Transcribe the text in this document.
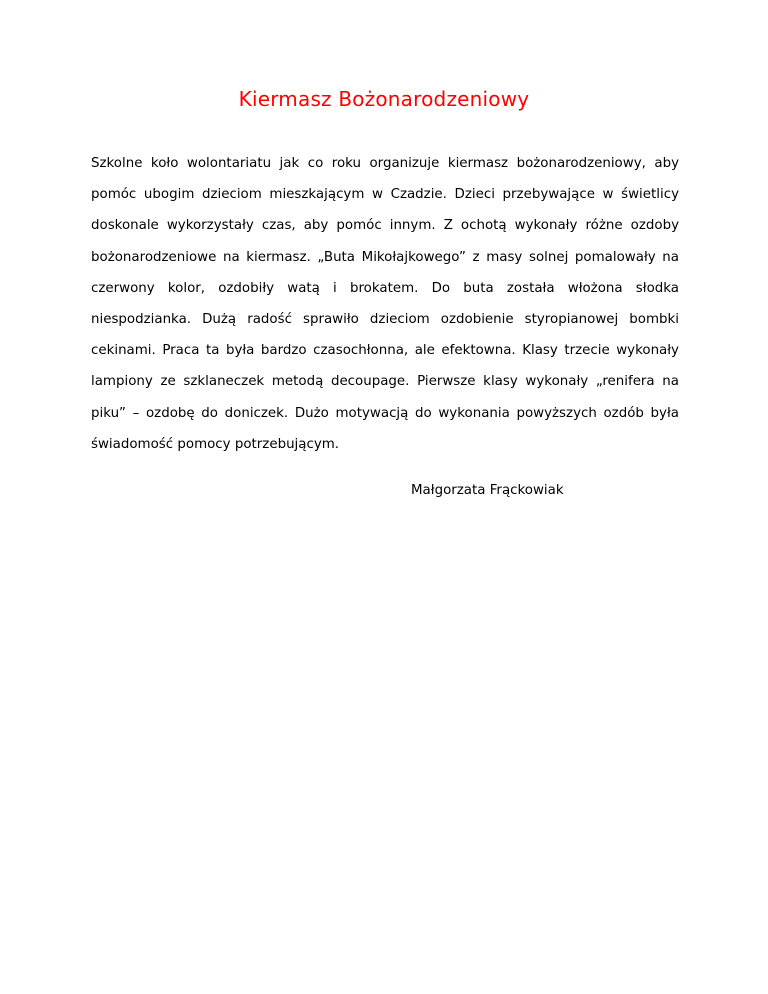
Kiermasz Bożonarodzeniowy

Szkolne koło wolontariatu jak co roku organizuje kiermasz bożonarodzeniowy, aby pomóc ubogim dzieciom mieszkającym w Czadzie. Dzieci przebywające w świetlicy doskonale wykorzystały czas, aby pomóc innym. Z ochotą wykonały różne ozdoby bożonarodzeniowe na kiermasz. „Buta Mikołajkowego” z masy solnej pomalowały na czerwony kolor, ozdobiły watą i brokatem. Do buta została włożona słodka niespodzianka. Dużą radość sprawiło dzieciom ozdobienie styropianowej bombki cekinami. Praca ta była bardzo czasochłonna, ale efektowna. Klasy trzecie wykonały lampiony ze szklaneczek metodą decoupage. Pierwsze klasy wykonały „renifera na piku” – ozdobę do doniczek. Dużo motywacją do wykonania powyższych ozdób była świadomość pomocy potrzebującym.

Małgorzata Frąckowiak
